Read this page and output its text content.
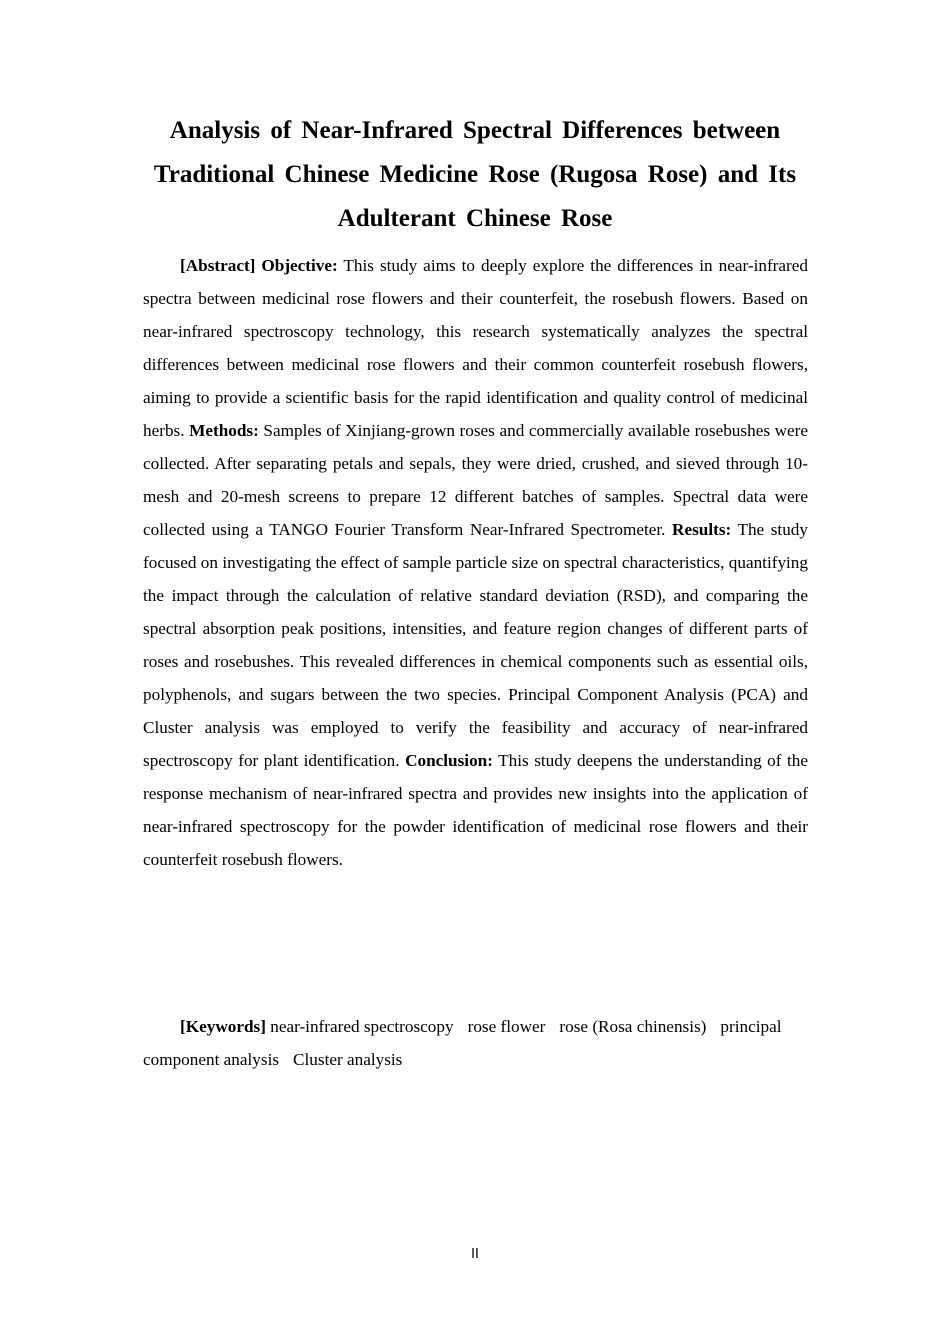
Analysis of Near-Infrared Spectral Differences between Traditional Chinese Medicine Rose (Rugosa Rose) and Its Adulterant Chinese Rose

[Abstract] Objective: This study aims to deeply explore the differences in near-infrared spectra between medicinal rose flowers and their counterfeit, the rosebush flowers. Based on near-infrared spectroscopy technology, this research systematically analyzes the spectral differences between medicinal rose flowers and their common counterfeit rosebush flowers, aiming to provide a scientific basis for the rapid identification and quality control of medicinal herbs. Methods: Samples of Xinjiang-grown roses and commercially available rosebushes were collected. After separating petals and sepals, they were dried, crushed, and sieved through 10-mesh and 20-mesh screens to prepare 12 different batches of samples. Spectral data were collected using a TANGO Fourier Transform Near-Infrared Spectrometer. Results: The study focused on investigating the effect of sample particle size on spectral characteristics, quantifying the impact through the calculation of relative standard deviation (RSD), and comparing the spectral absorption peak positions, intensities, and feature region changes of different parts of roses and rosebushes. This revealed differences in chemical components such as essential oils, polyphenols, and sugars between the two species. Principal Component Analysis (PCA) and Cluster analysis was employed to verify the feasibility and accuracy of near-infrared spectroscopy for plant identification. Conclusion: This study deepens the understanding of the response mechanism of near-infrared spectra and provides new insights into the application of near-infrared spectroscopy for the powder identification of medicinal rose flowers and their counterfeit rosebush flowers.

[Keywords] near-infrared spectroscopy rose flower rose (Rosa chinensis) principal component analysis Cluster analysis

II
